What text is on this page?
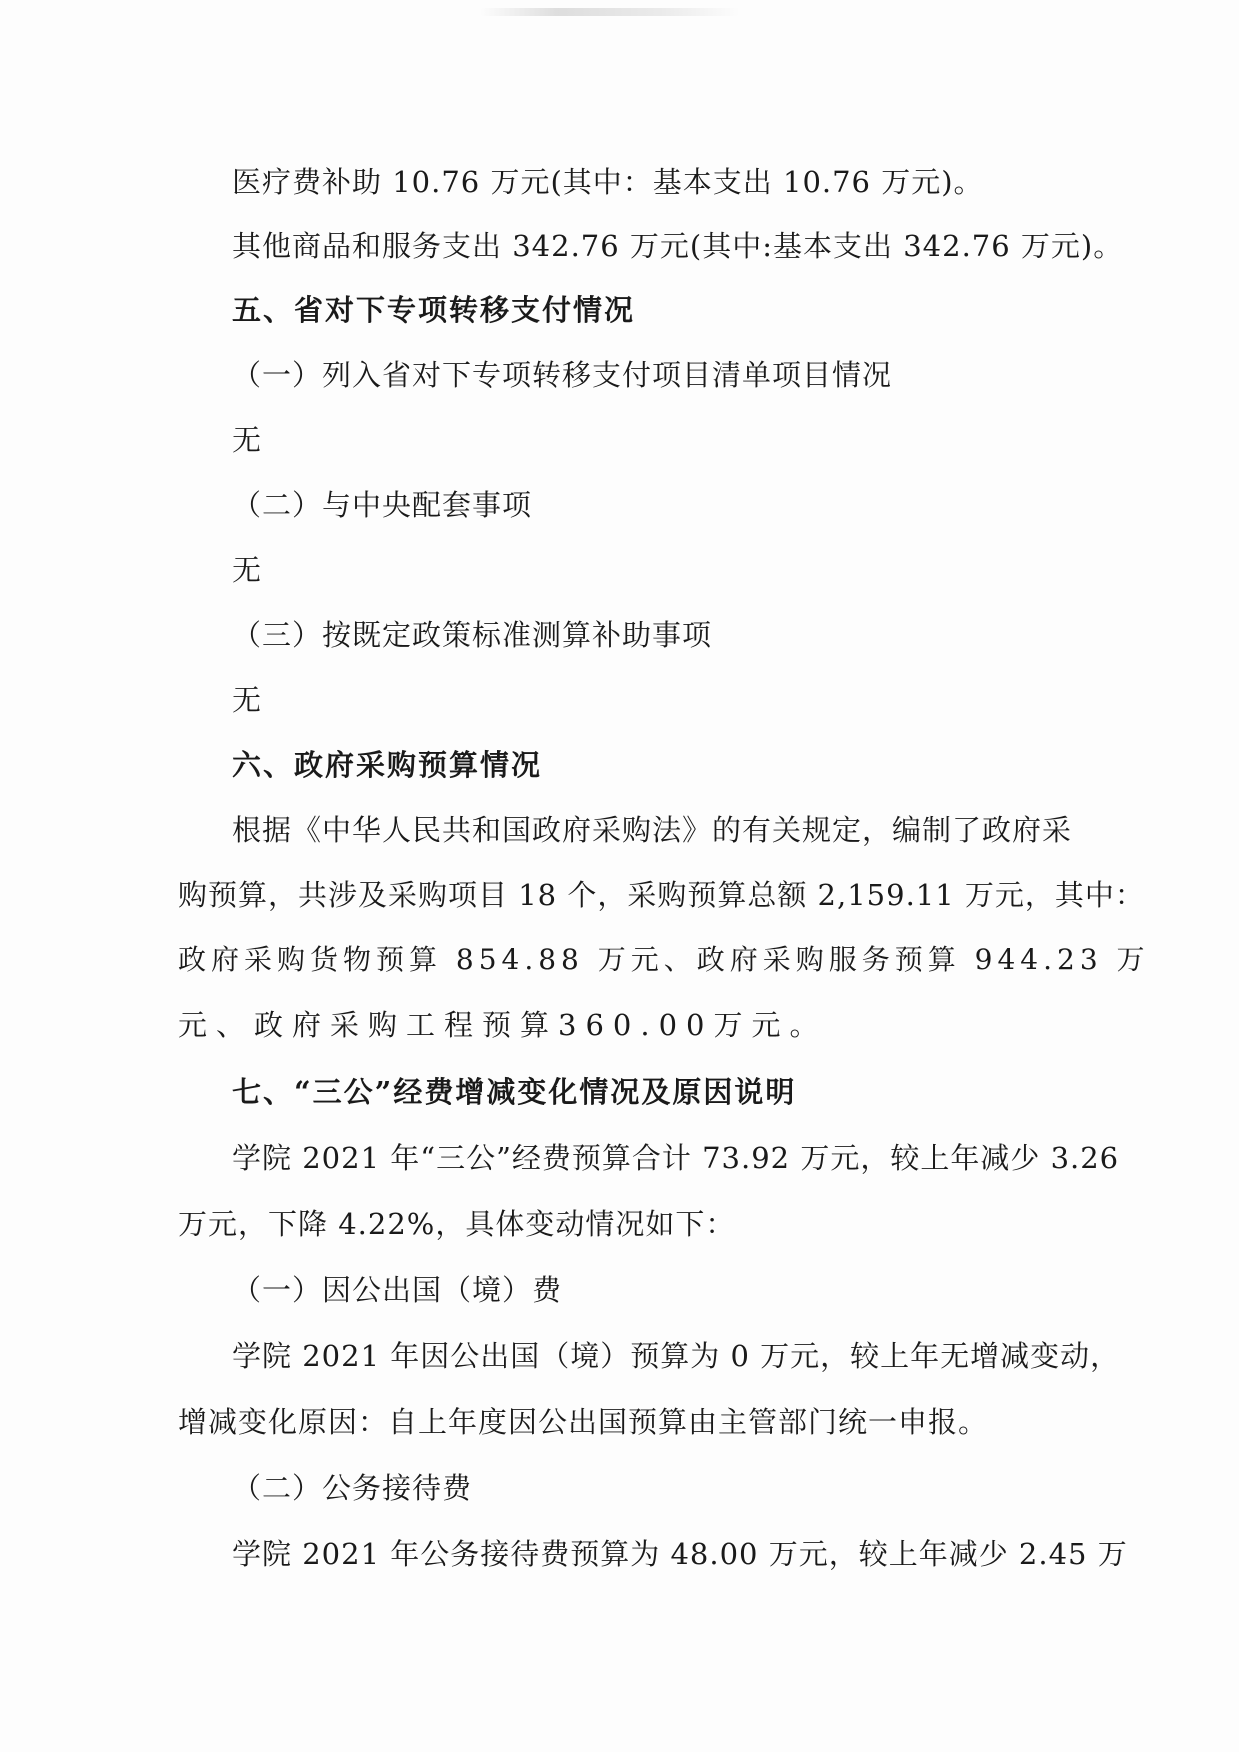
医疗费补助 10.76 万元(其中：基本支出 10.76 万元)。
其他商品和服务支出 342.76 万元(其中:基本支出 342.76 万元)。
五、省对下专项转移支付情况
（一）列入省对下专项转移支付项目清单项目情况
无
（二）与中央配套事项
无
（三）按既定政策标准测算补助事项
无
六、政府采购预算情况
根据《中华人民共和国政府采购法》的有关规定，编制了政府采
购预算，共涉及采购项目 18 个，采购预算总额 2,159.11 万元，其中：
政府采购货物预算 854.88 万元、政府采购服务预算 944.23 万
元、政府采购工程预算360.00万元。
七、“三公”经费增减变化情况及原因说明
学院 2021 年“三公”经费预算合计 73.92 万元，较上年减少 3.26
万元，下降 4.22%，具体变动情况如下：
（一）因公出国（境）费
学院 2021 年因公出国（境）预算为 0 万元，较上年无增减变动，
增减变化原因：自上年度因公出国预算由主管部门统一申报。
（二）公务接待费
学院 2021 年公务接待费预算为 48.00 万元，较上年减少 2.45 万
